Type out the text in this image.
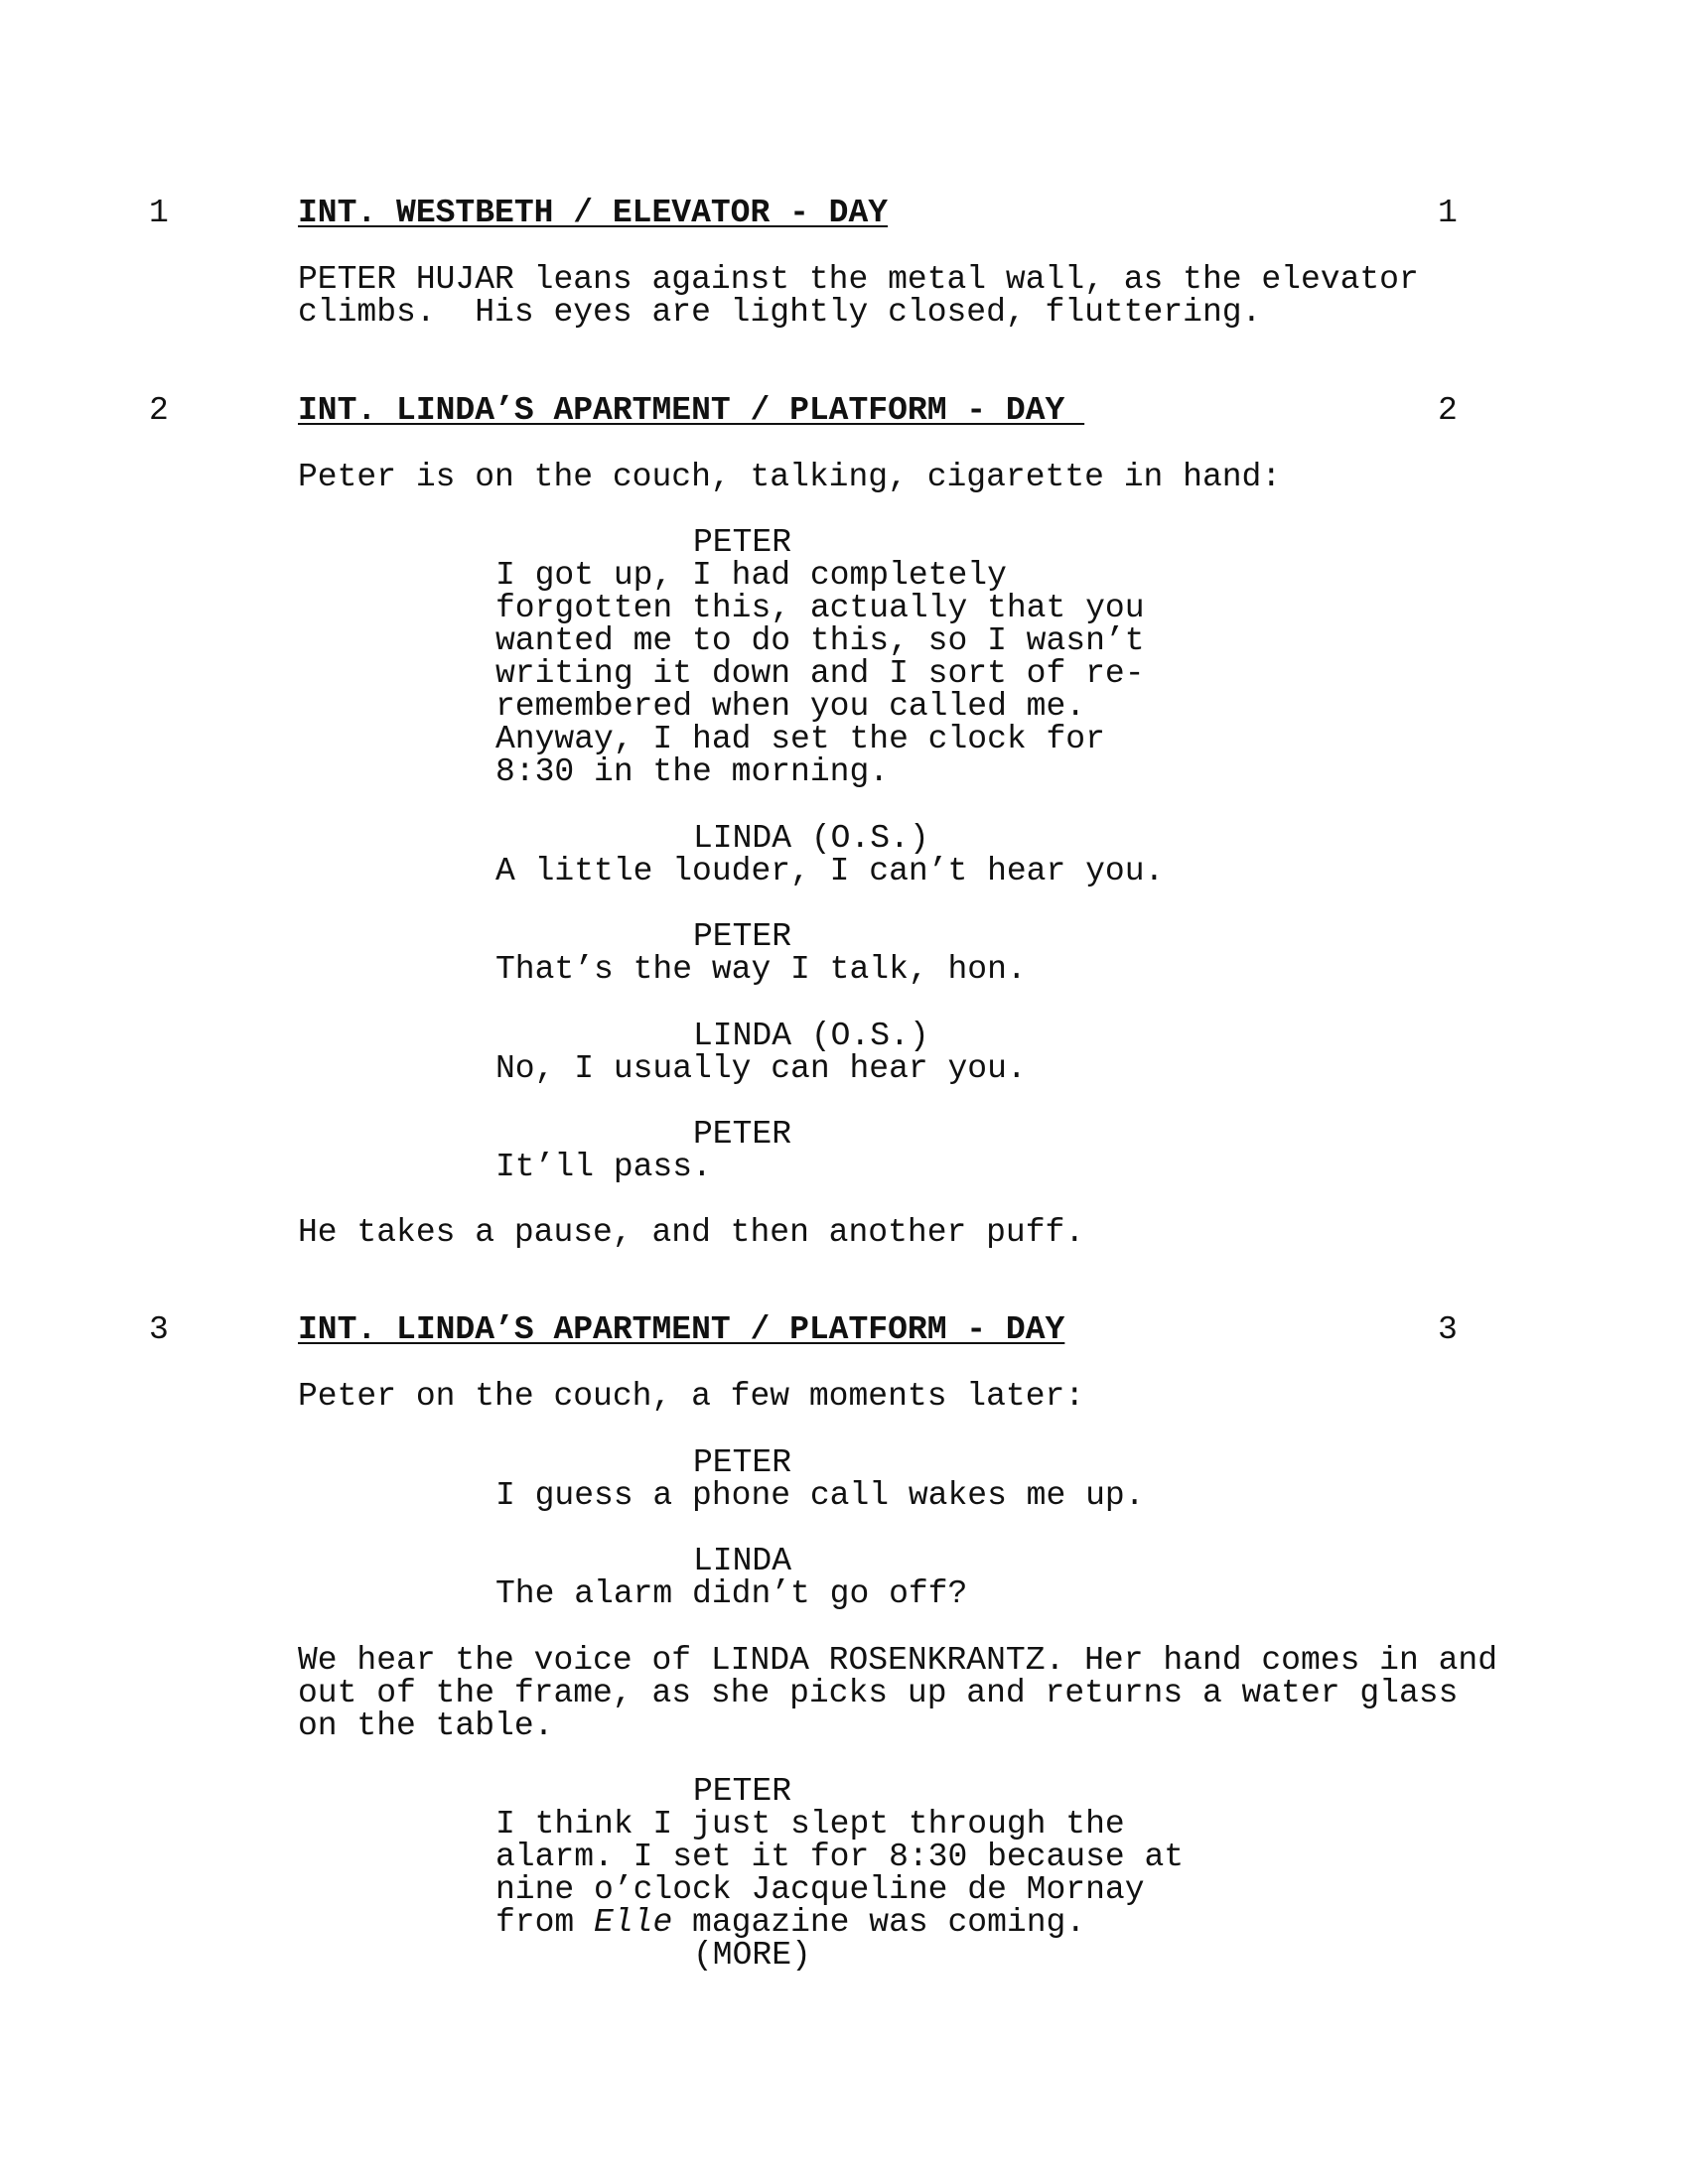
1	INT. WESTBETH / ELEVATOR - DAY	1
PETER HUJAR leans against the metal wall, as the elevator
climbs.  His eyes are lightly closed, fluttering.
2	INT. LINDA’S APARTMENT / PLATFORM - DAY	2
Peter is on the couch, talking, cigarette in hand:
PETER
I got up, I had completely
forgotten this, actually that you
wanted me to do this, so I wasn’t
writing it down and I sort of re-
remembered when you called me.
Anyway, I had set the clock for
8:30 in the morning.
LINDA (O.S.)
A little louder, I can’t hear you.
PETER
That’s the way I talk, hon.
LINDA (O.S.)
No, I usually can hear you.
PETER
It’ll pass.
He takes a pause, and then another puff.
3	INT. LINDA’S APARTMENT / PLATFORM - DAY	3
Peter on the couch, a few moments later:
PETER
I guess a phone call wakes me up.
LINDA
The alarm didn’t go off?
We hear the voice of LINDA ROSENKRANTZ. Her hand comes in and
out of the frame, as she picks up and returns a water glass
on the table.
PETER
I think I just slept through the
alarm. I set it for 8:30 because at
nine o’clock Jacqueline de Mornay
from Elle magazine was coming.
(MORE)
